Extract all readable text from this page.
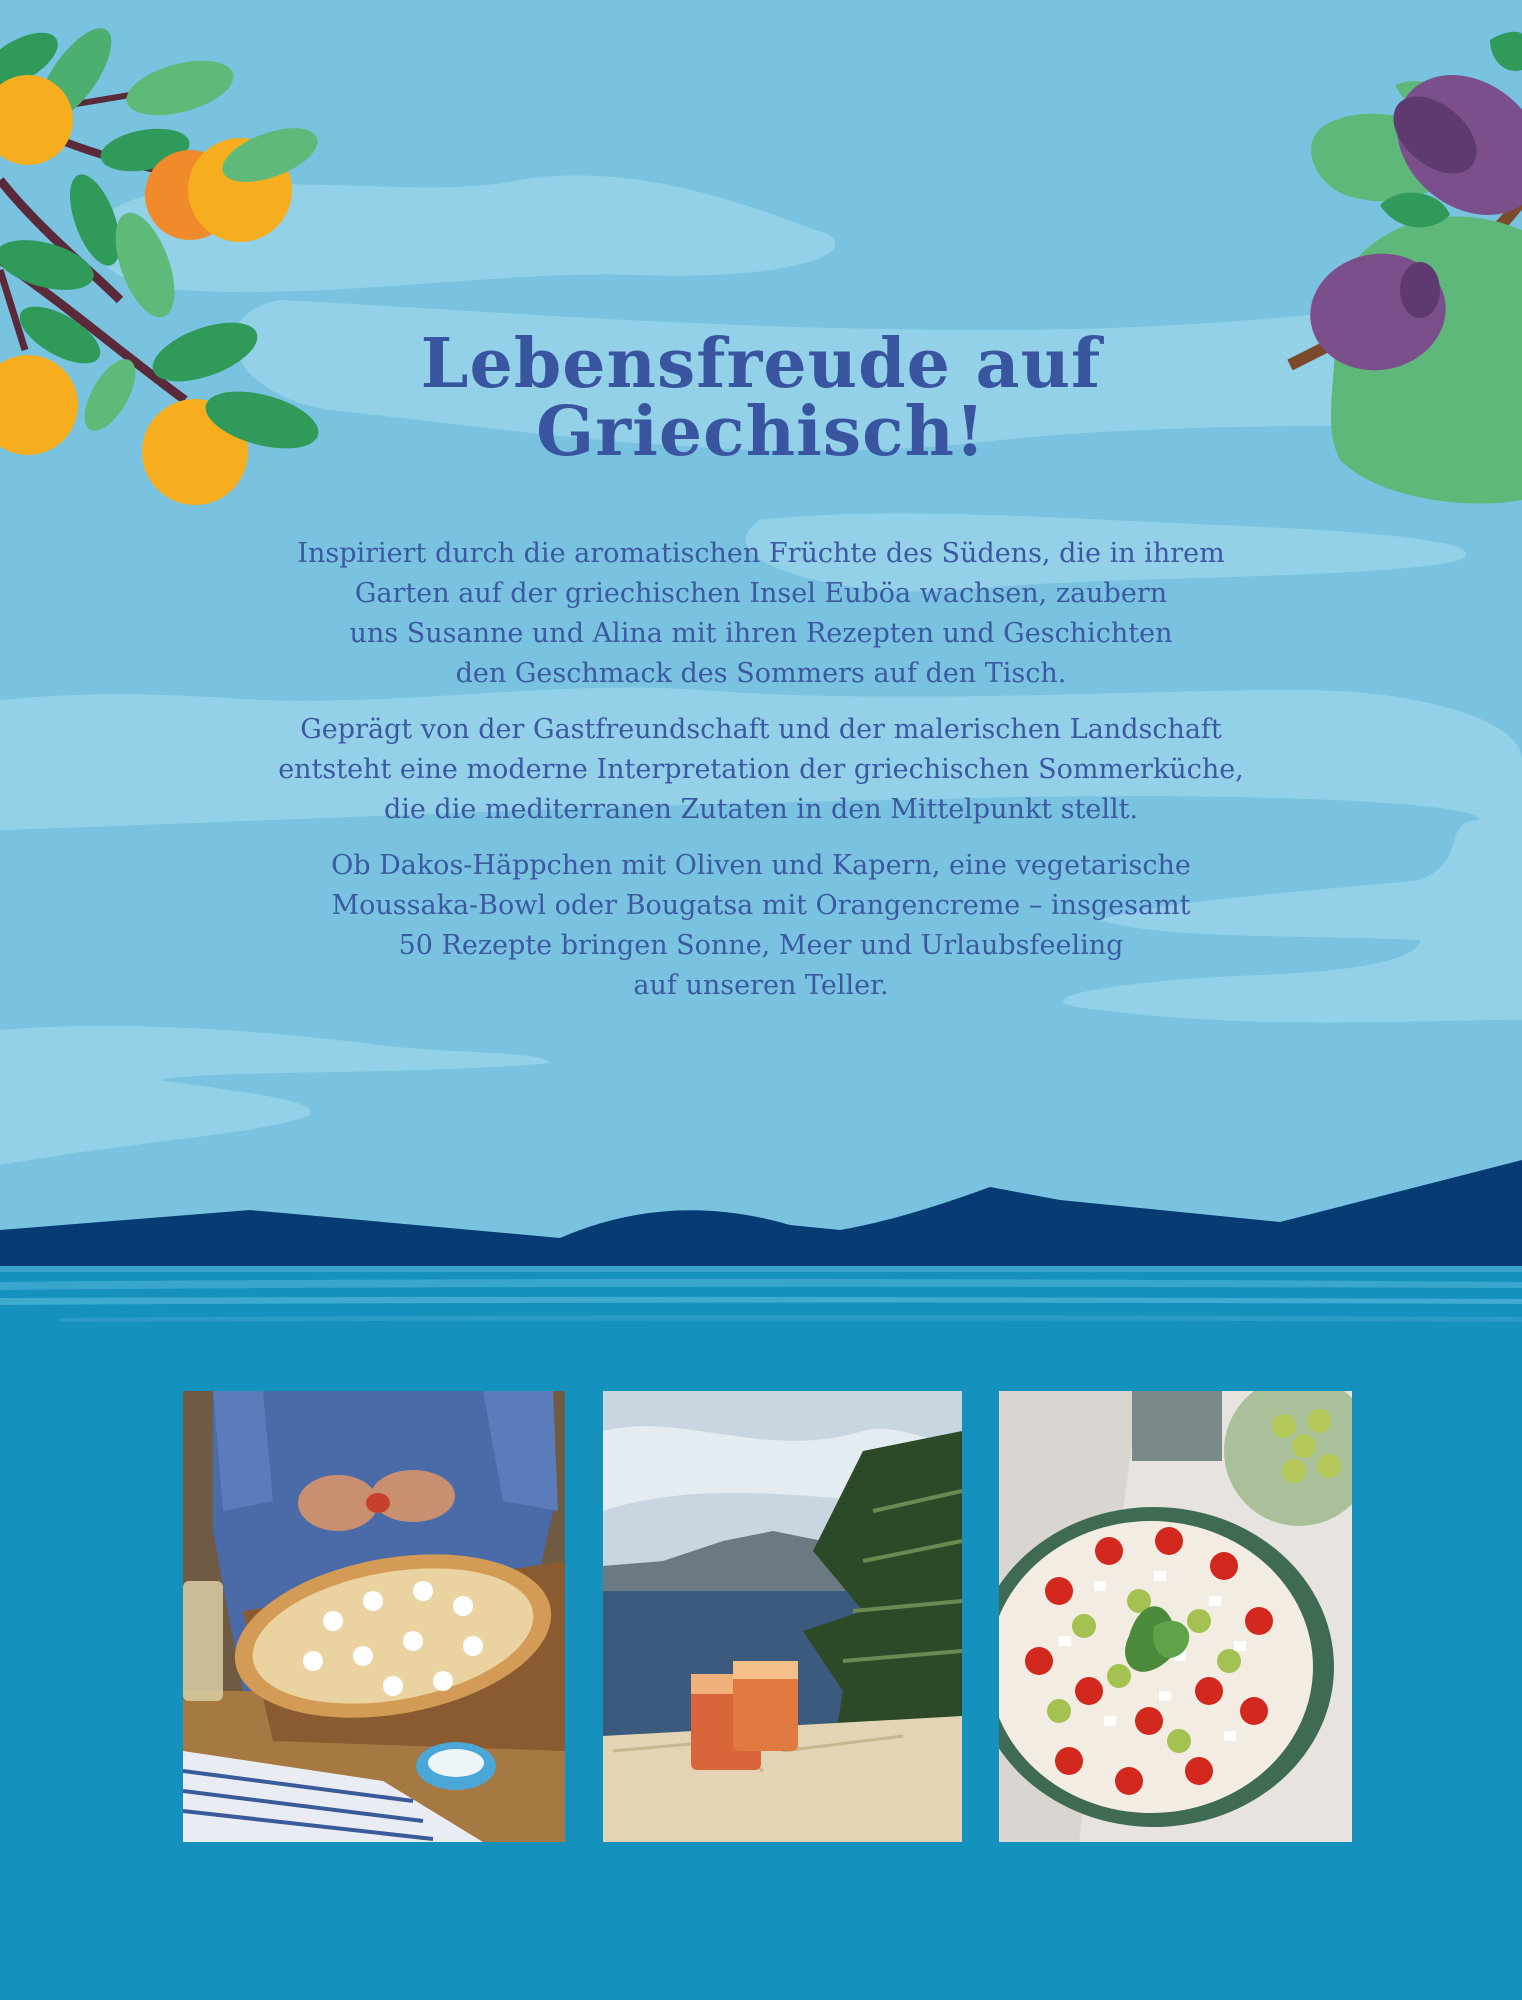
Lebensfreude auf
Griechisch!

Inspiriert durch die aromatischen Früchte des Südens, die in ihrem
Garten auf der griechischen Insel Euböa wachsen, zaubern
uns Susanne und Alina mit ihren Rezepten und Geschichten
den Geschmack des Sommers auf den Tisch.

Geprägt von der Gastfreundschaft und der malerischen Landschaft
entsteht eine moderne Interpretation der griechischen Sommerküche,
die die mediterranen Zutaten in den Mittelpunkt stellt.

Ob Dakos-Häppchen mit Oliven und Kapern, eine vegetarische
Moussaka-Bowl oder Bougatsa mit Orangencreme – insgesamt
50 Rezepte bringen Sonne, Meer und Urlaubsfeeling
auf unseren Teller.
